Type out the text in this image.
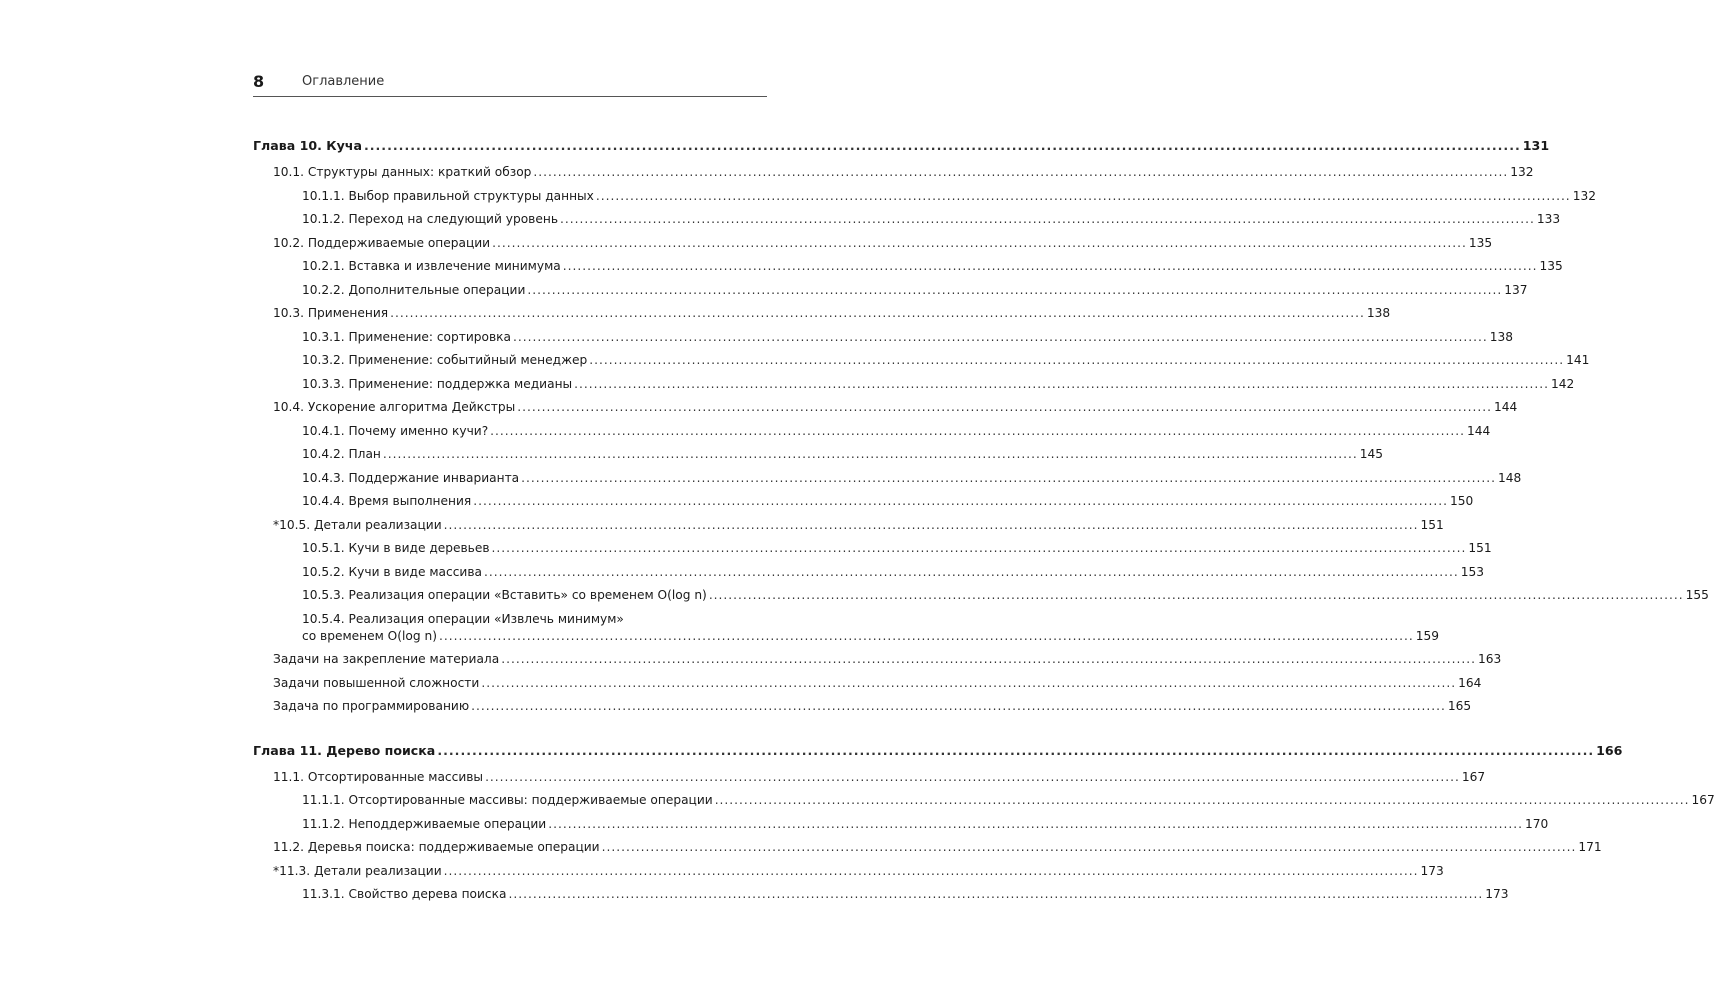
8	Оглавление
Глава 10. Куча ........................................................................................................................................................................................................ 131
10.1. Структуры данных: краткий обзор ........................................................................................................................................................................................................ 132
10.1.1. Выбор правильной структуры данных ........................................................................................................................................................................................................ 132
10.1.2. Переход на следующий уровень ........................................................................................................................................................................................................ 133
10.2. Поддерживаемые операции ........................................................................................................................................................................................................ 135
10.2.1. Вставка и извлечение минимума ........................................................................................................................................................................................................ 135
10.2.2. Дополнительные операции ........................................................................................................................................................................................................ 137
10.3. Применения ........................................................................................................................................................................................................ 138
10.3.1. Применение: сортировка ........................................................................................................................................................................................................ 138
10.3.2. Применение: событийный менеджер ........................................................................................................................................................................................................ 141
10.3.3. Применение: поддержка медианы ........................................................................................................................................................................................................ 142
10.4. Ускорение алгоритма Дейкстры ........................................................................................................................................................................................................ 144
10.4.1. Почему именно кучи? ........................................................................................................................................................................................................ 144
10.4.2. План ........................................................................................................................................................................................................ 145
10.4.3. Поддержание инварианта ........................................................................................................................................................................................................ 148
10.4.4. Время выполнения ........................................................................................................................................................................................................ 150
*10.5. Детали реализации ........................................................................................................................................................................................................ 151
10.5.1. Кучи в виде деревьев ........................................................................................................................................................................................................ 151
10.5.2. Кучи в виде массива ........................................................................................................................................................................................................ 153
10.5.3. Реализация операции «Вставить» со временем O(log n) ........................................................................................................................................................................................................ 155
10.5.4. Реализация операции «Извлечь минимум»
со временем O(log n) ........................................................................................................................................................................................................ 159
Задачи на закрепление материала ........................................................................................................................................................................................................ 163
Задачи повышенной сложности ........................................................................................................................................................................................................ 164
Задача по программированию ........................................................................................................................................................................................................ 165
Глава 11. Дерево поиска ........................................................................................................................................................................................................ 166
11.1. Отсортированные массивы ........................................................................................................................................................................................................ 167
11.1.1. Отсортированные массивы: поддерживаемые операции ........................................................................................................................................................................................................ 167
11.1.2. Неподдерживаемые операции ........................................................................................................................................................................................................ 170
11.2. Деревья поиска: поддерживаемые операции ........................................................................................................................................................................................................ 171
*11.3. Детали реализации ........................................................................................................................................................................................................ 173
11.3.1. Свойство дерева поиска ........................................................................................................................................................................................................ 173
